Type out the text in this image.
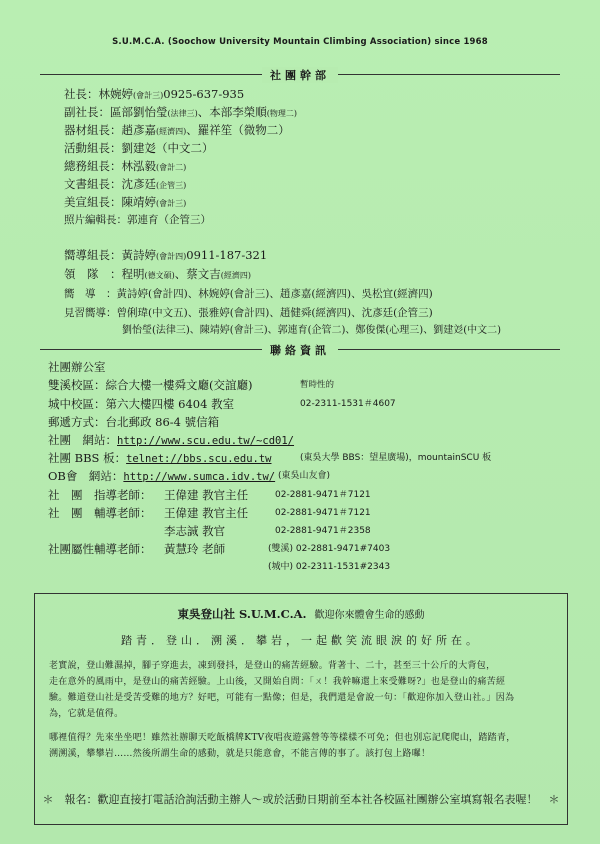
S.U.M.C.A. (Soochow University Mountain Climbing Association) since 1968
社團幹部
社長：林婉婷(會計三)0925-637-935
副社長：區部劉怡瑩(法律三)、本部李榮順(物理二)
器材組長：趙彥嘉(經濟四)、羅祥笙（微物二）
活動組長：劉建彣（中文二）
總務組長：林泓毅(會計二)
文書組長：沈彥廷(企管三)
美宣組長：陳靖婷(會計三)
照片編輯長：郭連育（企管三）
嚮導組長：黃詩婷(會計四)0911-187-321
領　隊　：程明(德文碩)、蔡文吉(經濟四)
嚮　導　：黃詩婷(會計四)、林婉婷(會計三)、趙彥嘉(經濟四)、吳松宜(經濟四)
見習嚮導：曾俐瑋(中文五)、張雅婷(會計四)、趙健舜(經濟四)、沈彥廷(企管三)
劉怡瑩(法律三)、陳靖婷(會計三)、郭連育(企管二)、鄭俊傑(心理三)、劉建彣(中文二)
聯絡資訊
社團辦公室
雙溪校區：綜合大樓一樓舜文廳(交誼廳)	暫時性的
城中校區：第六大樓四樓 6404 教室	02-2311-1531＃4607
郵遞方式：台北郵政 86-4 號信箱
社團　網站：http://www.scu.edu.tw/~cd01/
社團 BBS 板：telnet://bbs.scu.edu.tw	(東吳大學 BBS：望星廣場)，mountainSCU 板
OB會　網站：http://www.sumca.idv.tw/ (東吳山友會)
社　團　指導老師： 王偉建 教官主任	02-2881-9471＃7121
社　團　輔導老師： 王偉建 教官主任	02-2881-9471＃7121
李志誠 教官	02-2881-9471＃2358
社團屬性輔導老師： 黃慧玲 老師	(雙溪) 02-2881-9471#7403
(城中) 02-2311-1531#2343
東吳登山社 S.U.M.C.A. 歡迎你來體會生命的感動
踏青．登山．溯溪．攀岩，一起歡笑流眼淚的好所在。
老實說，登山難濕掉，腳子穿進去，凍到發抖，是登山的痛苦經驗。背著十、二十，甚至三十公斤的大背包，
走在意外的風雨中，是登山的痛苦經驗。上山後，又開始自問：「ㄨ！我幹嘛還上來受難呀?」也是登山的痛苦經
驗。難道登山社是受苦受難的地方？好吧，可能有一點像；但是，我們還是會說一句：「歡迎你加入登山社。」因為
為，它就是值得。
哪裡值得？先來坐坐吧！雖然社辦聊天吃飯橋牌KTV夜唱夜遊露營等等樣樣不可免；但也別忘記爬爬山，踏踏青，
溯溯溪，攀攀岩……然後所謂生命的感動，就是只能意會，不能言傳的事了。該打包上路囉！
＊　報名：歡迎直接打電話洽詢活動主辦人～或於活動日期前至本社各校區社團辦公室填寫報名表喔！　＊
